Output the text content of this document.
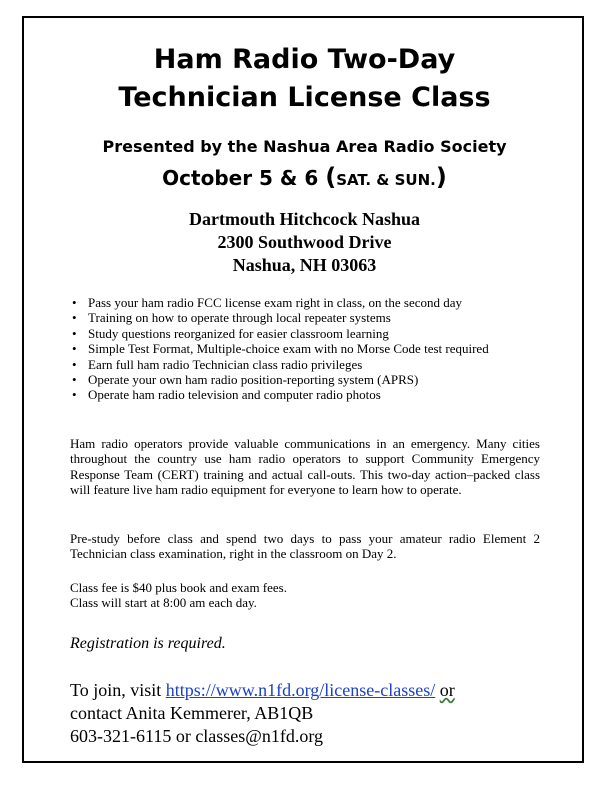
Ham Radio Two-Day
Technician License Class
Presented by the Nashua Area Radio Society
October 5 & 6 (SAT. & SUN.)
Dartmouth Hitchcock Nashua
2300 Southwood Drive
Nashua, NH 03063
• Pass your ham radio FCC license exam right in class, on the second day
• Training on how to operate through local repeater systems
• Study questions reorganized for easier classroom learning
• Simple Test Format, Multiple-choice exam with no Morse Code test required
• Earn full ham radio Technician class radio privileges
• Operate your own ham radio position-reporting system (APRS)
• Operate ham radio television and computer radio photos

Ham radio operators provide valuable communications in an emergency. Many cities throughout the country use ham radio operators to support Community Emergency Response Team (CERT) training and actual call-outs. This two-day action–packed class will feature live ham radio equipment for everyone to learn how to operate.

Pre-study before class and spend two days to pass your amateur radio Element 2 Technician class examination, right in the classroom on Day 2.

Class fee is $40 plus book and exam fees.
Class will start at 8:00 am each day.
Registration is required.
To join, visit https://www.n1fd.org/license-classes/ or
contact Anita Kemmerer, AB1QB
603-321-6115 or classes@n1fd.org
